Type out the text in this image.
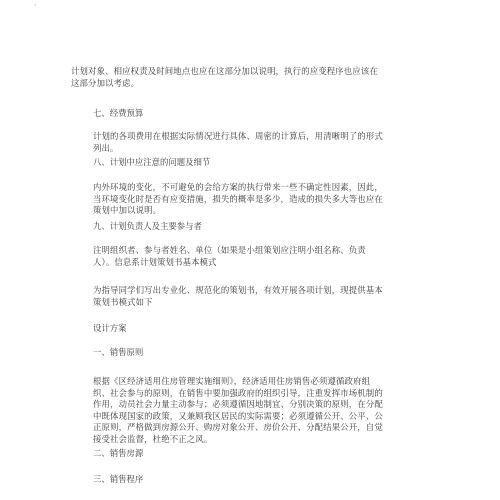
·

计划对象、相应权责及时间地点也应在这部分加以说明，执行的应变程序也应该在这部分加以考虑。

七、经费预算

计划的各项费用在根据实际情况进行具体、周密的计算后，用清晰明了的形式列出。

八、计划中应注意的问题及细节

内外环境的变化，不可避免的会给方案的执行带来一些不确定性因素，因此，当环境变化时是否有应变措施，损失的概率是多少，造成的损失多大等也应在策划中加以说明。

九、计划负责人及主要参与者

注明组织者、参与者姓名、单位（如果是小组策划应注明小组名称、负责人）。信息系计划策划书基本模式

为指导同学们写出专业化、规范化的策划书，有效开展各项计划，现提供基本策划书模式如下

设计方案

一、销售原则

根据《区经济适用住房管理实施细则》，经济适用住房销售必须遵循政府组织、社会参与的原则，在销售中要加强政府的组织引导，注重发挥市场机制的作用，动员社会力量主动参与；必须遵循因地制宜、分别决策的原则，在分配中既体现国家的政策，又兼顾我区居民的实际需要；必须遵循公开、公平、公正原则，严格做到房源公开、购房对象公开、房价公开、分配结果公开，自觉接受社会监督，杜绝不正之风。

二、销售房源

三、销售程序
